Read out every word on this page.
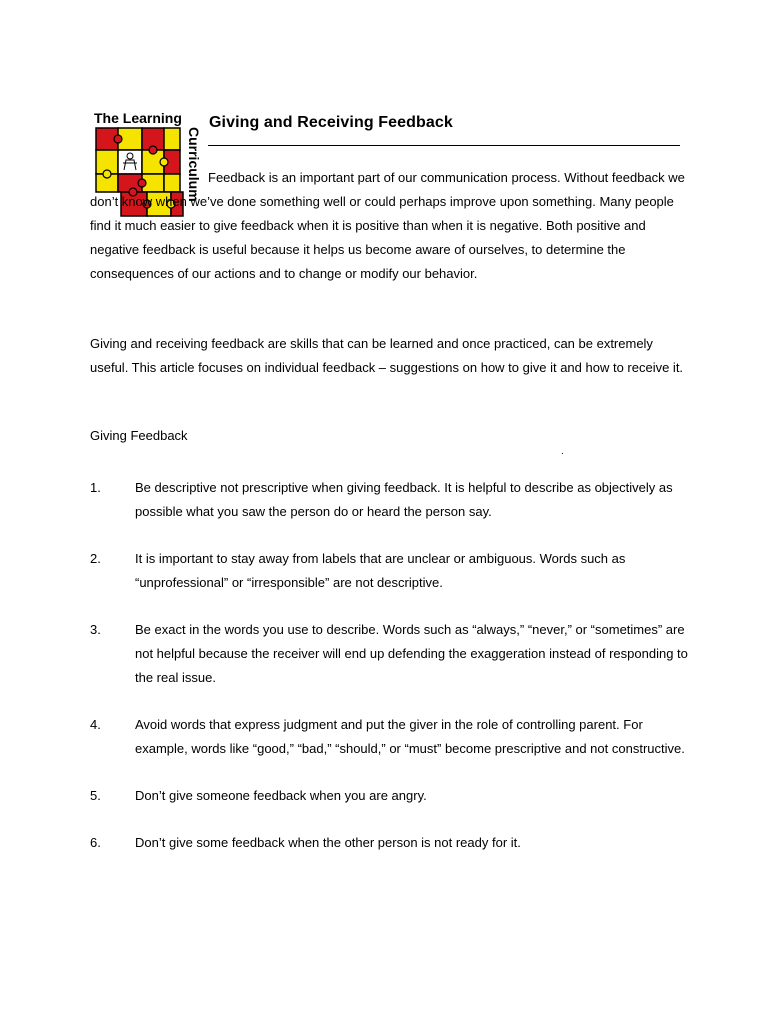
The Learning
Curriculum
Giving and Receiving Feedback

Feedback is an important part of our communication process. Without feedback we don’t know when we’ve done something well or could perhaps improve upon something. Many people find it much easier to give feedback when it is positive than when it is negative. Both positive and negative feedback is useful because it helps us become aware of ourselves, to determine the consequences of our actions and to change or modify our behavior.

Giving and receiving feedback are skills that can be learned and once practiced, can be extremely useful. This article focuses on individual feedback – suggestions on how to give it and how to receive it.

Giving Feedback
.
1.	Be descriptive not prescriptive when giving feedback. It is helpful to describe as objectively as possible what you saw the person do or heard the person say.
2.	It is important to stay away from labels that are unclear or ambiguous. Words such as “unprofessional” or “irresponsible” are not descriptive.
3.	Be exact in the words you use to describe. Words such as “always,” “never,” or “sometimes” are not helpful because the receiver will end up defending the exaggeration instead of responding to the real issue.
4.	Avoid words that express judgment and put the giver in the role of controlling parent. For example, words like “good,” “bad,” “should,” or “must” become prescriptive and not constructive.
5.	Don’t give someone feedback when you are angry.
6.	Don’t give some feedback when the other person is not ready for it.
